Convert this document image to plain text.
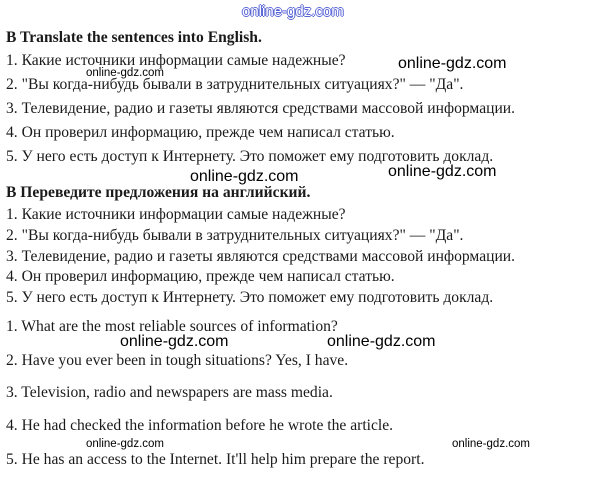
B Translate the sentences into English.
1. Какие источники информации самые надежные?
2. "Вы когда-нибудь бывали в затруднительных ситуациях?" — "Да".
3. Телевидение, радио и газеты являются средствами массовой информации.
4. Он проверил информацию, прежде чем написал статью.
5. У него есть доступ к Интернету. Это поможет ему подготовить доклад.
В Переведите предложения на английский.
1. Какие источники информации самые надежные?
2. "Вы когда-нибудь бывали в затруднительных ситуациях?" — "Да".
3. Телевидение, радио и газеты являются средствами массовой информации.
4. Он проверил информацию, прежде чем написал статью.
5. У него есть доступ к Интернету. Это поможет ему подготовить доклад.
1. What are the most reliable sources of information?
2. Have you ever been in tough situations? Yes, I have.
3. Television, radio and newspapers are mass media.
4. He had checked the information before he wrote the article.
5. He has an access to the Internet. It'll help him prepare the report.
online-gdz.com
online-gdz.com
online-gdz.com
online-gdz.com
online-gdz.com
online-gdz.com	online-gdz.com
online-gdz.com	online-gdz.com
